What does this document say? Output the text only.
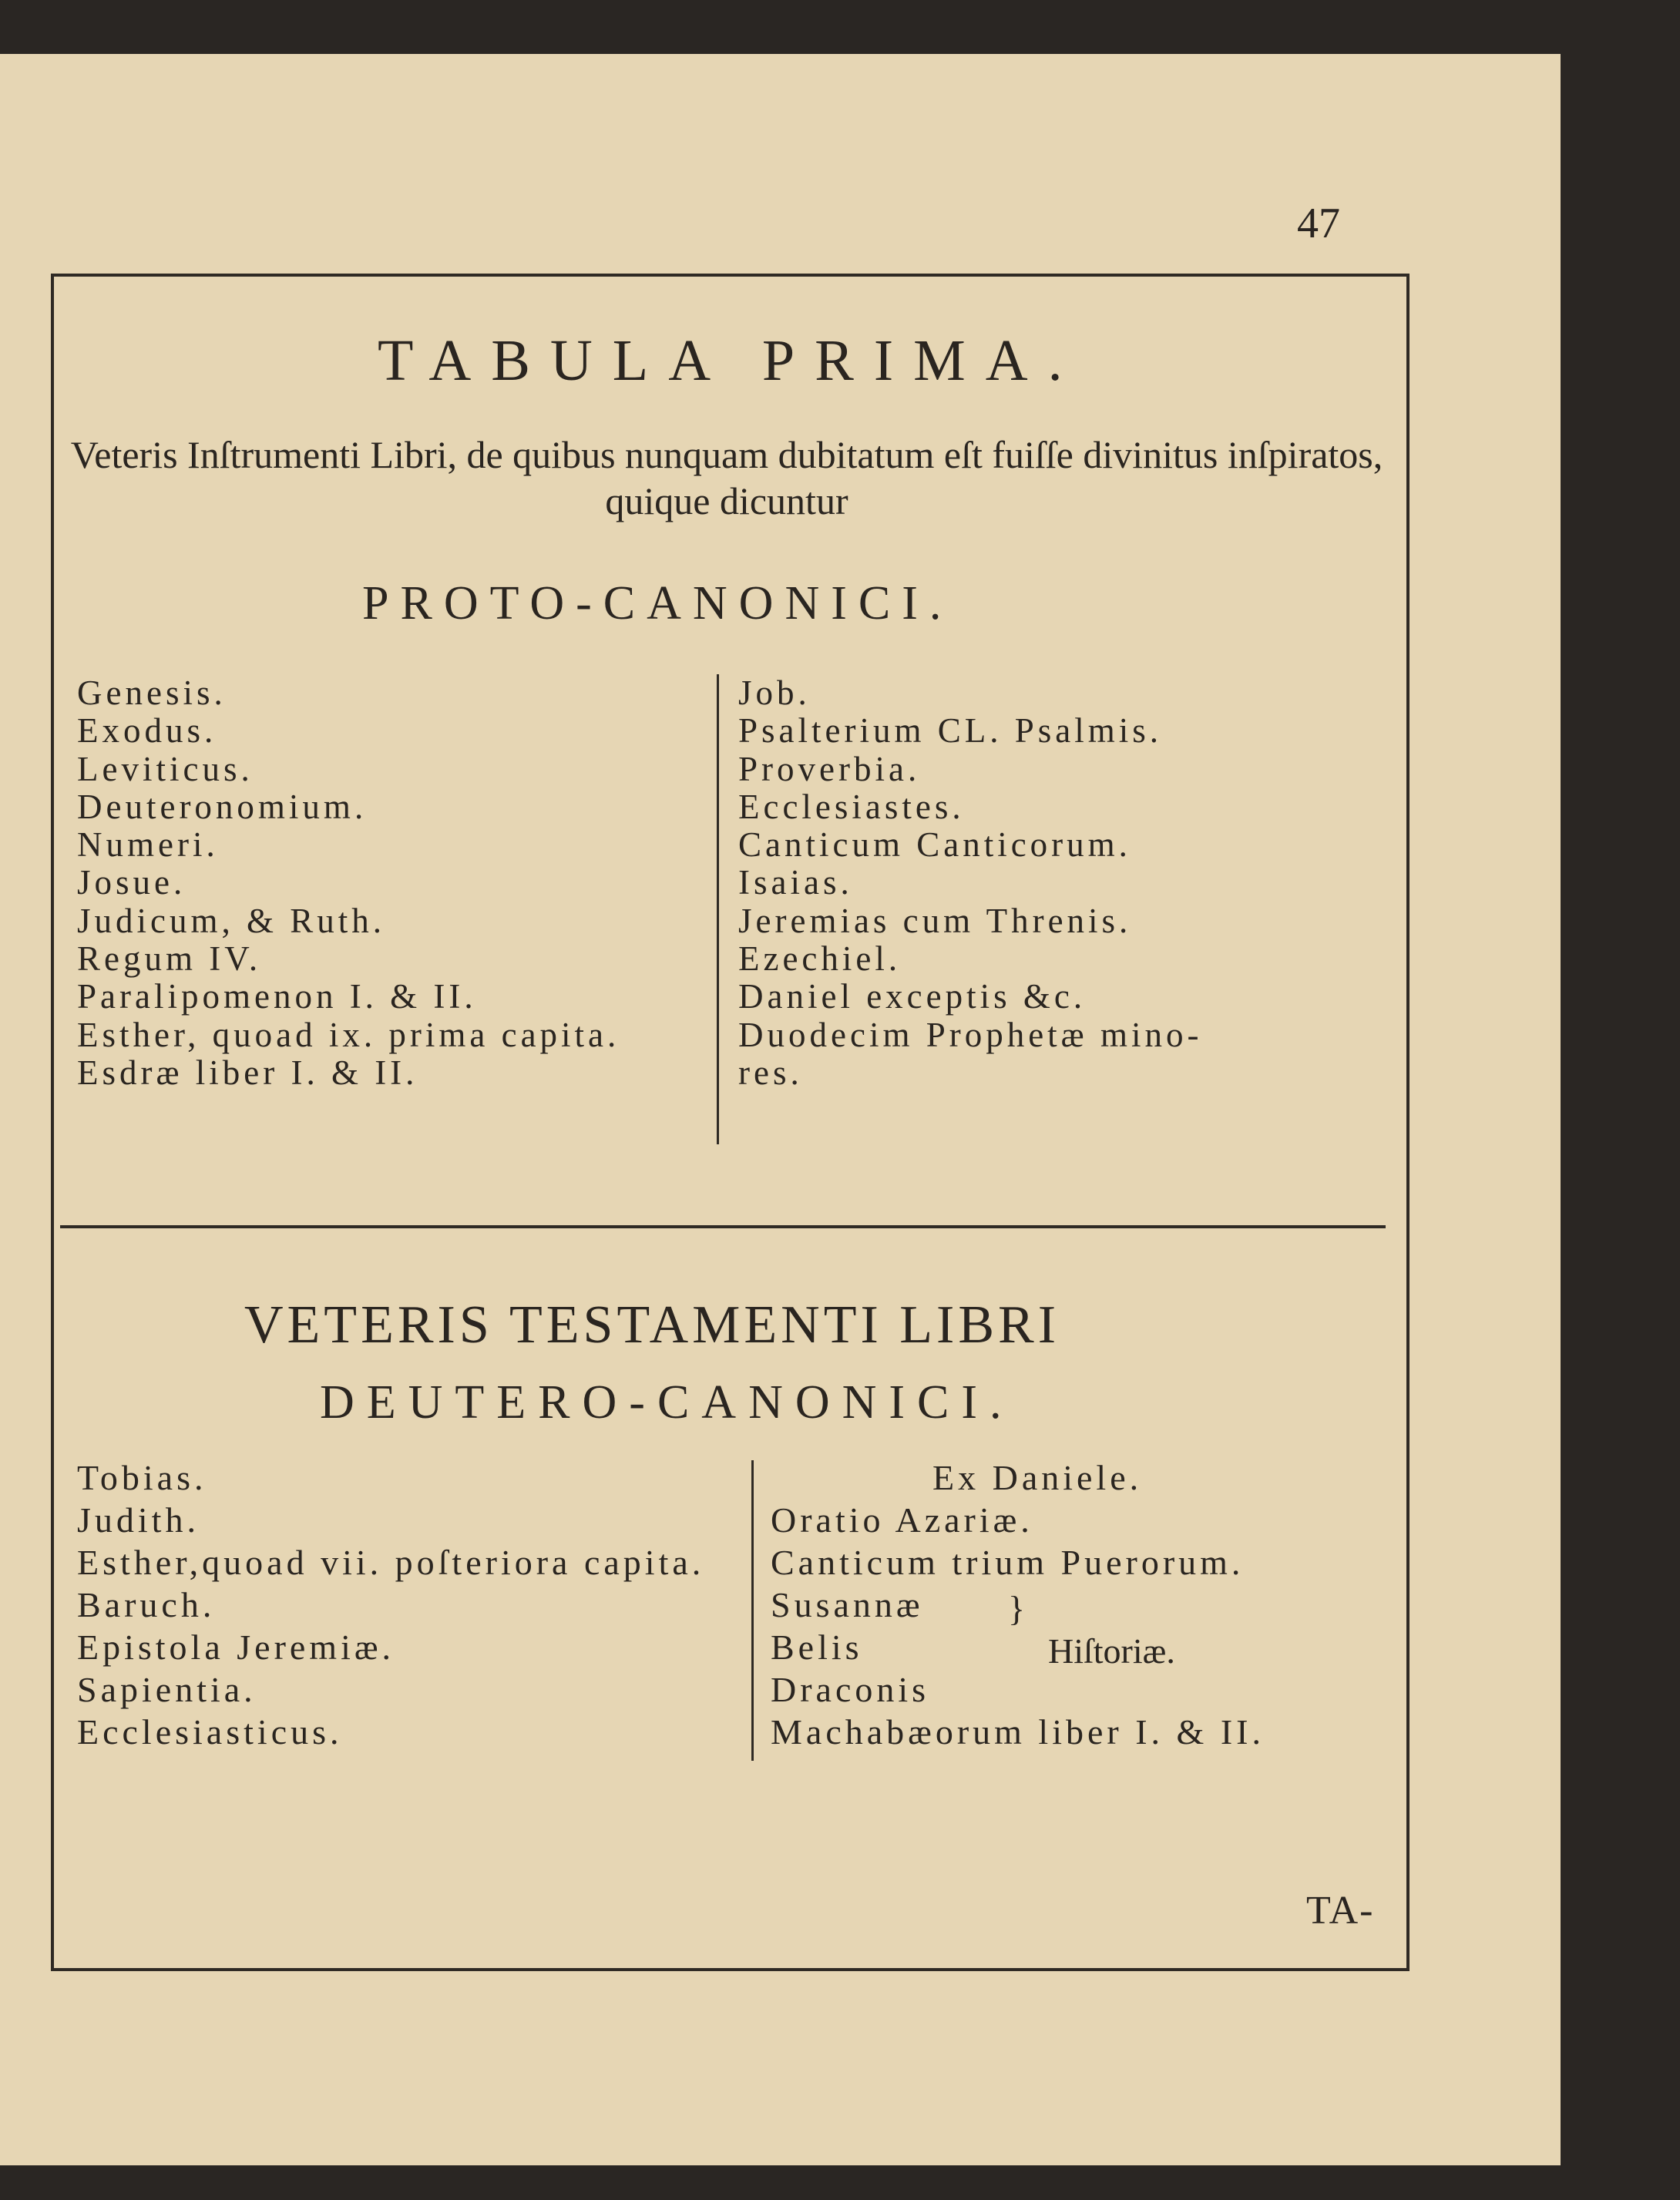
47
TABULA PRIMA.
Veteris Inſtrumenti Libri, de quibus nunquam dubitatum eſt fuiſſe divinitus inſpiratos, quique dicuntur
PROTO-CANONICI.
Genesis.
Exodus.
Leviticus.
Deuteronomium.
Numeri.
Josue.
Judicum, & Ruth.
Regum IV.
Paralipomenon I. & II.
Esther, quoad ix. prima capita.
Esdræ liber I. & II.
Job.
Psalterium CL. Psalmis.
Proverbia.
Ecclesiastes.
Canticum Canticorum.
Isaias.
Jeremias cum Threnis.
Ezechiel.
Daniel exceptis &c.
Duodecim Prophetæ mino-
res.
VETERIS TESTAMENTI LIBRI
DEUTERO-CANONICI.
Tobias.
Judith.
Esther,quoad vii. poſteriora capita.
Baruch.
Epistola Jeremiæ.
Sapientia.
Ecclesiasticus.
Ex Daniele.
Oratio Azariæ.
Canticum trium Puerorum.
Susannæ
Belis
Draconis
Machabæorum liber I. & II.
}
Hiſtoriæ.
TA-
